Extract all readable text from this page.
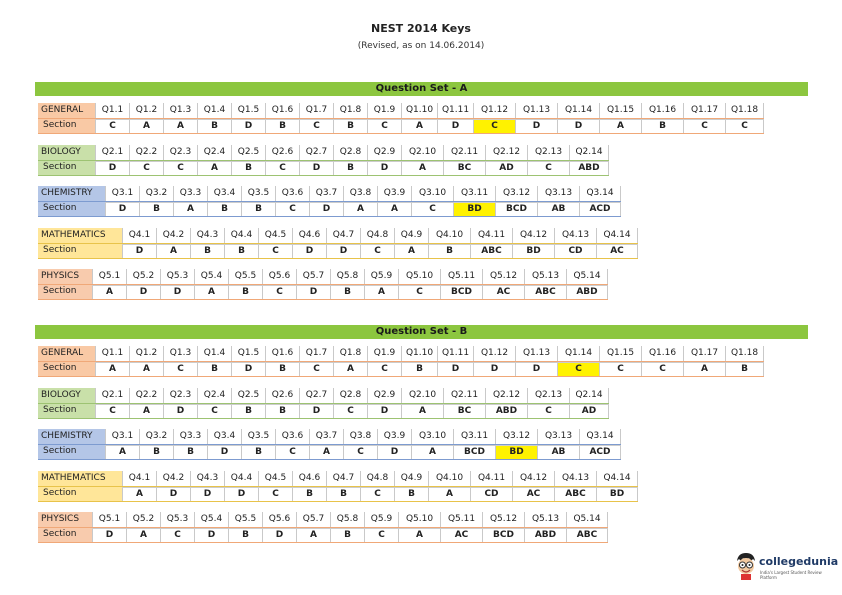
NEST 2014 Keys
(Revised, as on 14.06.2014)
Question Set - A
GENERAL	Q1.1	Q1.2	Q1.3	Q1.4	Q1.5	Q1.6	Q1.7	Q1.8	Q1.9	Q1.10 Q1.11	Q1.12	Q1.13	Q1.14	Q1.15	Q1.16	Q1.17	Q1.18
Section	C	A	A	B	D	B	C	B	C	A	D	C	D	D	A	B	C	C
BIOLOGY	Q2.1	Q2.2	Q2.3	Q2.4	Q2.5	Q2.6	Q2.7	Q2.8	Q2.9	Q2.10	Q2.11	Q2.12	Q2.13	Q2.14
Section	D	C	C	A	B	C	D	B	D	A	BC	AD	C	ABD
CHEMISTRY	Q3.1	Q3.2	Q3.3	Q3.4	Q3.5	Q3.6	Q3.7	Q3.8	Q3.9	Q3.10	Q3.11	Q3.12	Q3.13	Q3.14
Section	D	B	A	B	B	C	D	A	A	C	BD	BCD	AB	ACD
MATHEMATICS	Q4.1	Q4.2	Q4.3	Q4.4	Q4.5	Q4.6	Q4.7	Q4.8	Q4.9	Q4.10	Q4.11	Q4.12	Q4.13	Q4.14
Section	D	A	B	B	C	D	D	C	A	B	ABC	BD	CD	AC
PHYSICS	Q5.1	Q5.2	Q5.3	Q5.4	Q5.5	Q5.6	Q5.7	Q5.8	Q5.9	Q5.10	Q5.11	Q5.12	Q5.13	Q5.14
Section	A	D	D	A	B	C	D	B	A	C	BCD	AC	ABC	ABD
Question Set - B
GENERAL	Q1.1	Q1.2	Q1.3	Q1.4	Q1.5	Q1.6	Q1.7	Q1.8	Q1.9	Q1.10 Q1.11	Q1.12	Q1.13	Q1.14	Q1.15	Q1.16	Q1.17	Q1.18
Section	A	A	C	B	D	B	C	A	C	B	D	D	D	C	C	C	A	B
BIOLOGY	Q2.1	Q2.2	Q2.3	Q2.4	Q2.5	Q2.6	Q2.7	Q2.8	Q2.9	Q2.10	Q2.11	Q2.12	Q2.13	Q2.14
Section	C	A	D	C	B	B	D	C	D	A	BC	ABD	C	AD
CHEMISTRY	Q3.1	Q3.2	Q3.3	Q3.4	Q3.5	Q3.6	Q3.7	Q3.8	Q3.9	Q3.10	Q3.11	Q3.12	Q3.13	Q3.14
Section	A	B	B	D	B	C	A	C	D	A	BCD	BD	AB	ACD
MATHEMATICS	Q4.1	Q4.2	Q4.3	Q4.4	Q4.5	Q4.6	Q4.7	Q4.8	Q4.9	Q4.10	Q4.11	Q4.12	Q4.13	Q4.14
Section	A	D	D	D	C	B	B	C	B	A	CD	AC	ABC	BD
PHYSICS	Q5.1	Q5.2	Q5.3	Q5.4	Q5.5	Q5.6	Q5.7	Q5.8	Q5.9	Q5.10	Q5.11	Q5.12	Q5.13	Q5.14
Section	D	A	C	D	B	D	A	B	C	A	AC	BCD	ABD	ABC
collegedunia
India's Largest Student Review Platform
